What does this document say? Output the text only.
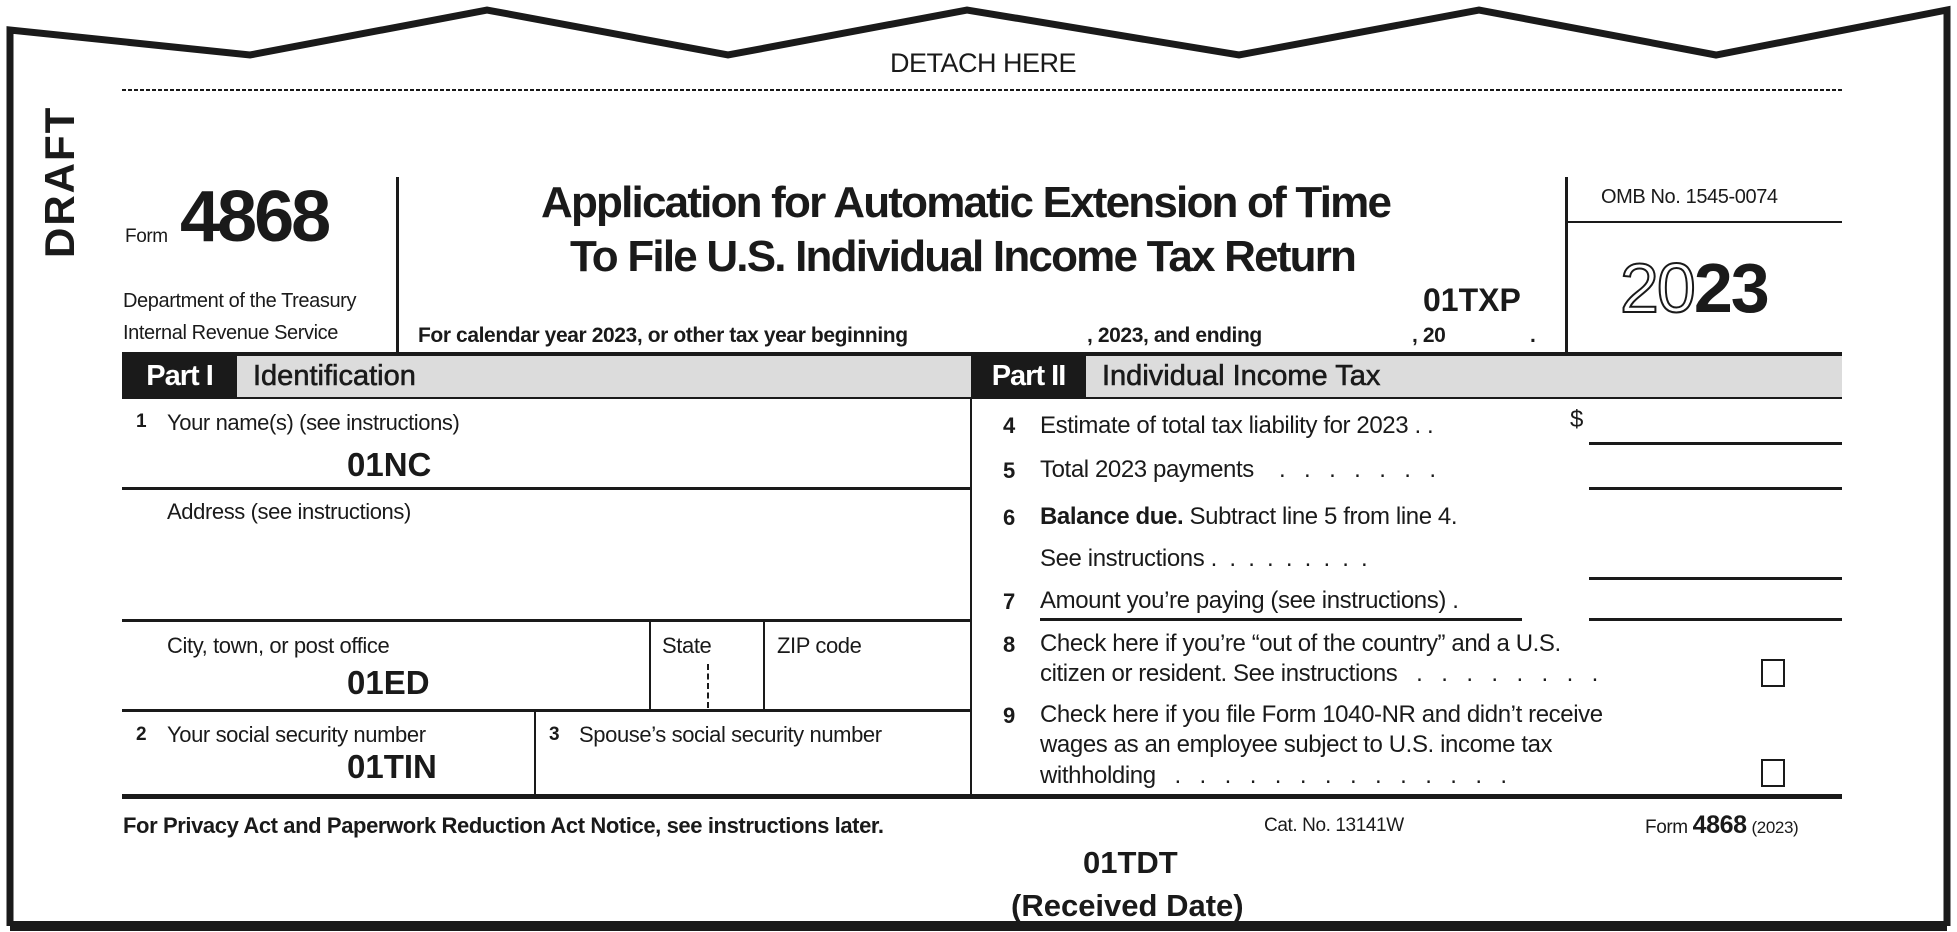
DETACH HERE
DRAFT Form 4868
Department of the Treasury
Internal Revenue Service
Application for Automatic Extension of Time
To File U.S. Individual Income Tax Return
01TXP
For calendar year 2023, or other tax year beginning	, 2023, and ending	, 20	.
OMB No. 1545-0074
2023
Part I	Identification	Part II	Individual Income Tax
1 Your name(s) (see instructions)
01NC
Address (see instructions)
City, town, or post office
01ED
State	ZIP code
2 Your social security number
01TIN
3 Spouse’s social security number
4 Estimate of total tax liability for 2023 . .	$
5 Total 2023 payments    .   .   .   .   .   .   .
6 Balance due. Subtract line 5 from line 4.
See instructions .  .  .  .  .  .  .  .  .
7 Amount you’re paying (see instructions) .
8 Check here if you’re “out of the country” and a U.S.
citizen or resident. See instructions   .   .   .   .   .   .   .   .
9 Check here if you file Form 1040-NR and didn’t receive
wages as an employee subject to U.S. income tax
withholding   .   .   .   .   .   .   .   .   .   .   .   .   .   .
For Privacy Act and Paperwork Reduction Act Notice, see instructions later.	Cat. No. 13141W	Form 4868 (2023)
01TDT
(Received Date)
